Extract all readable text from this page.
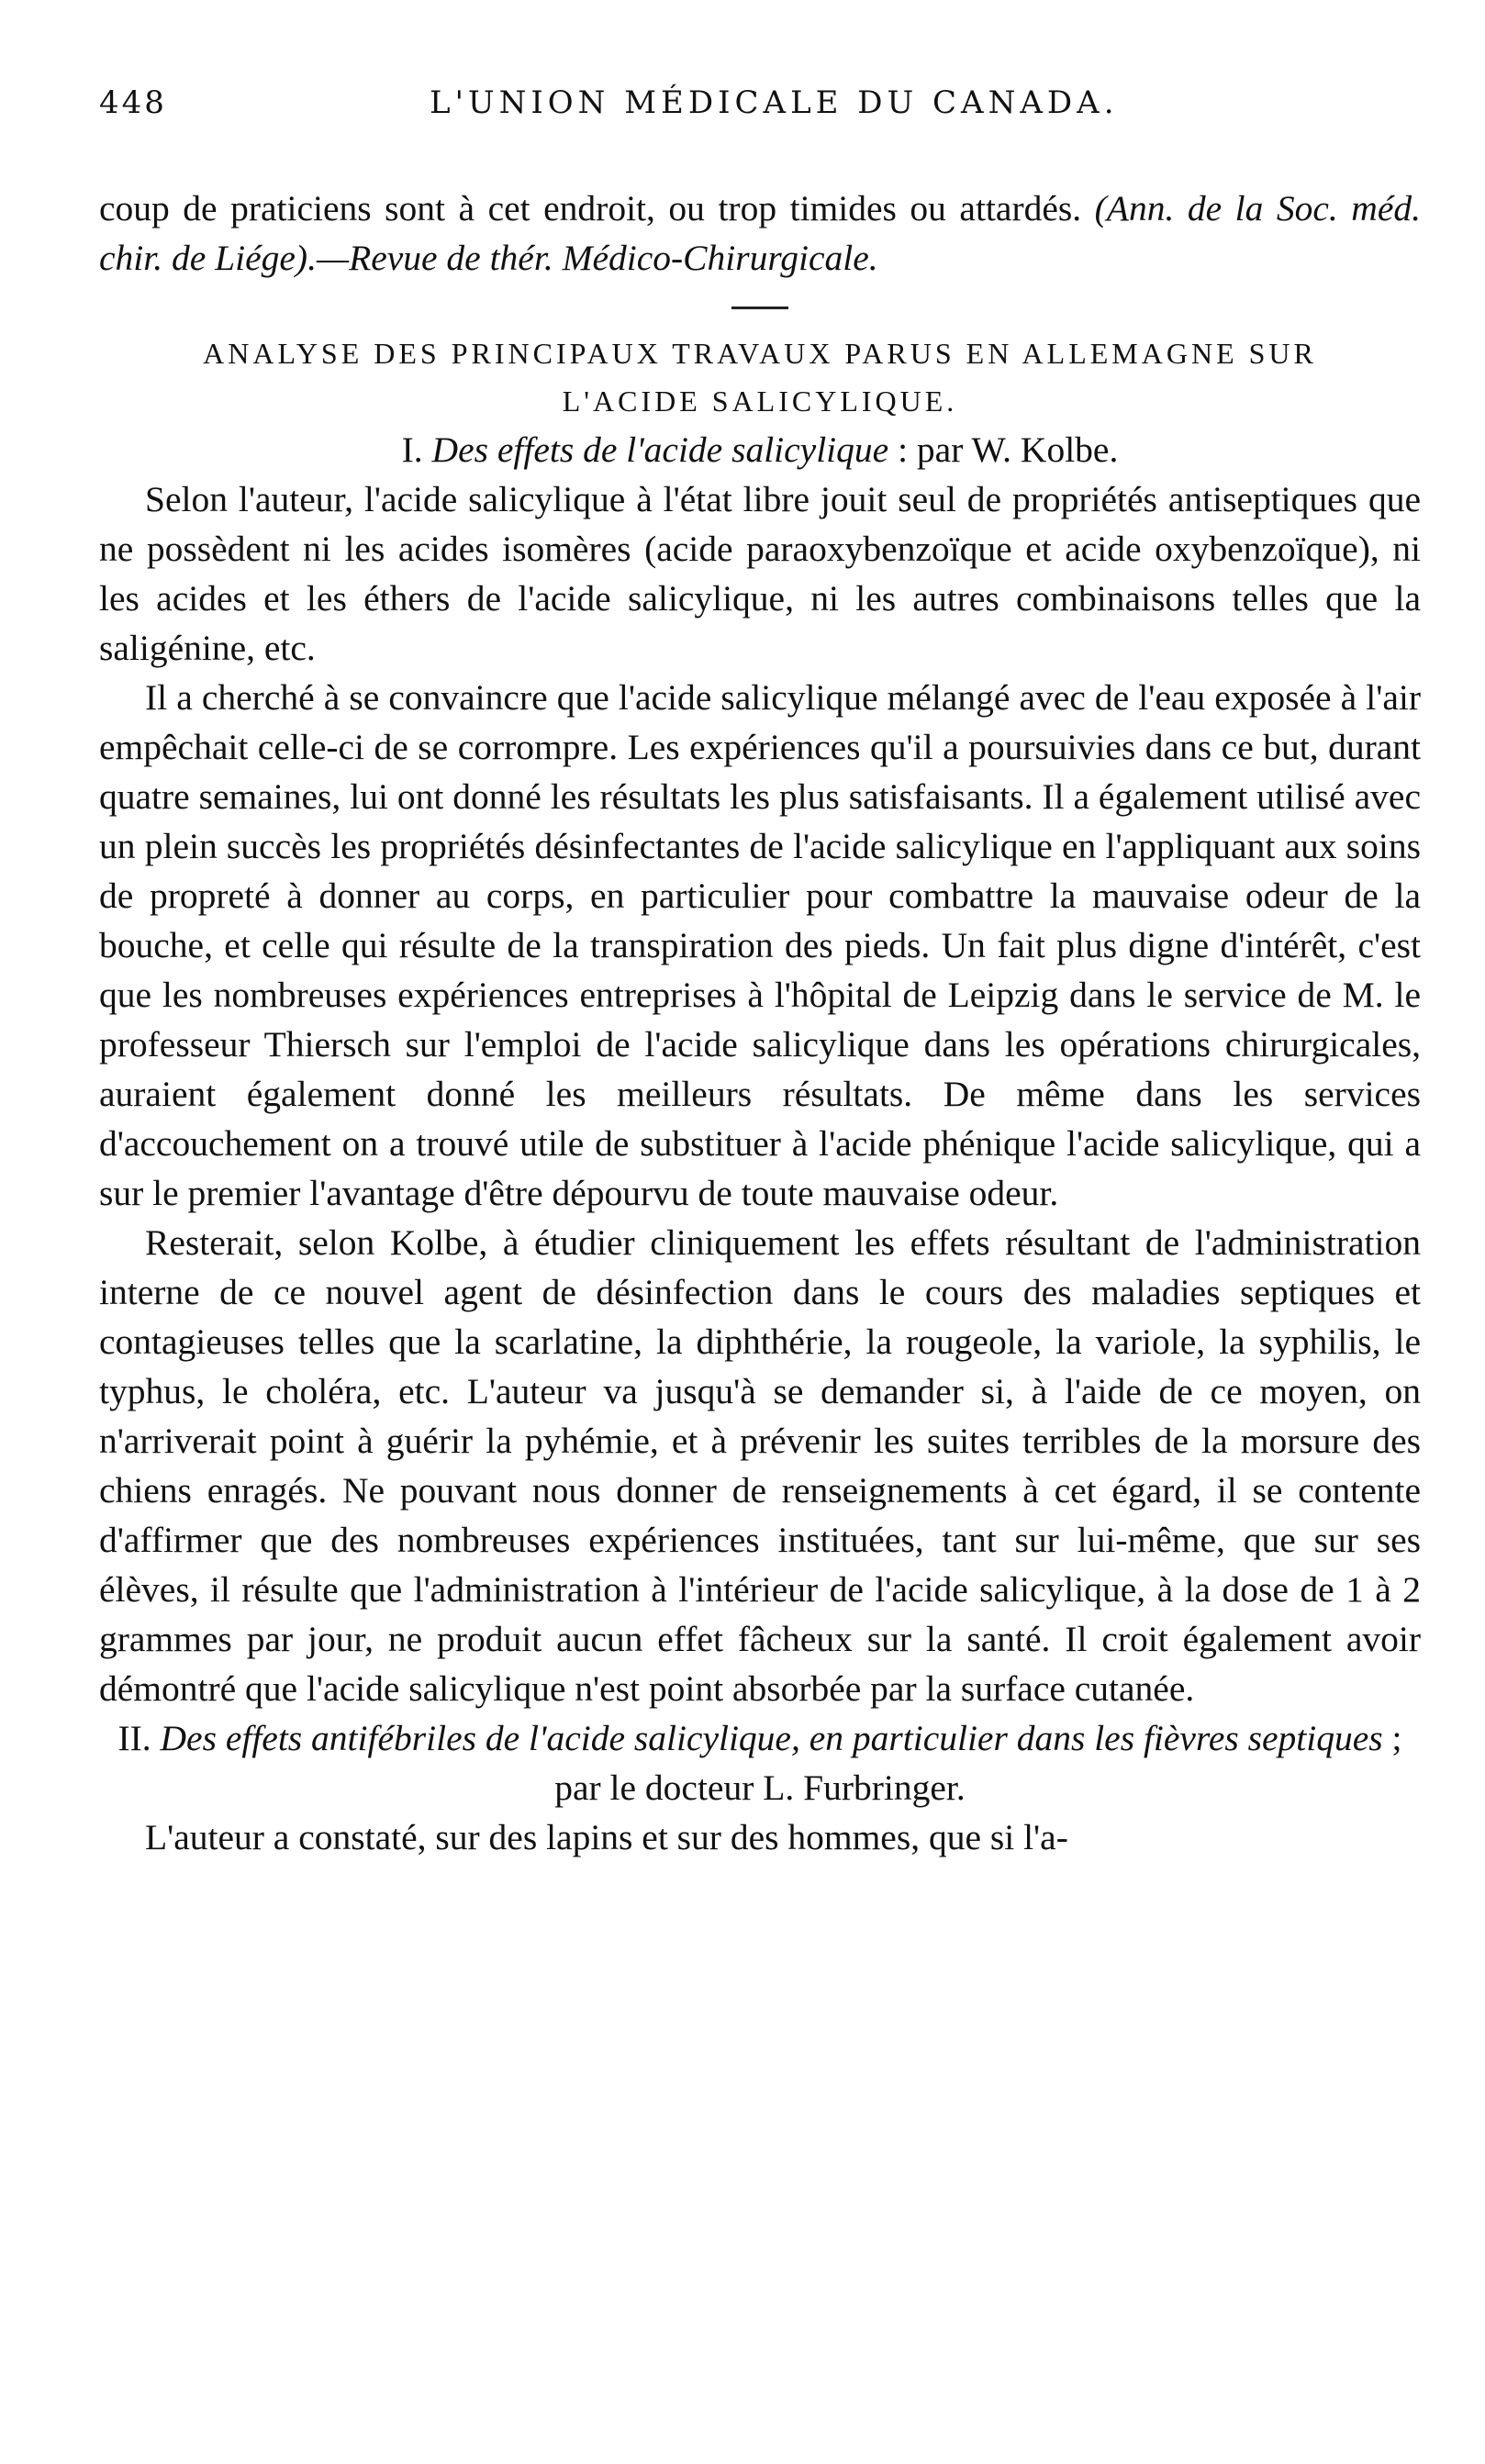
448	L'UNION MÉDICALE DU CANADA.

coup de praticiens sont à cet endroit, ou trop timides ou attardés. (Ann. de la Soc. méd. chir. de Liége).—Revue de thér. Médico-Chirurgicale.

ANALYSE DES PRINCIPAUX TRAVAUX PARUS EN ALLEMAGNE SUR L'ACIDE SALICYLIQUE.

I. Des effets de l'acide salicylique : par W. Kolbe.

Selon l'auteur, l'acide salicylique à l'état libre jouit seul de propriétés antiseptiques que ne possèdent ni les acides isomères (acide paraoxybenzoïque et acide oxybenzoïque), ni les acides et les éthers de l'acide salicylique, ni les autres combinaisons telles que la saligénine, etc.

Il a cherché à se convaincre que l'acide salicylique mélangé avec de l'eau exposée à l'air empêchait celle-ci de se corrompre. Les expériences qu'il a poursuivies dans ce but, durant quatre semaines, lui ont donné les résultats les plus satisfaisants. Il a également utilisé avec un plein succès les propriétés désinfectantes de l'acide salicylique en l'appliquant aux soins de propreté à donner au corps, en particulier pour combattre la mauvaise odeur de la bouche, et celle qui résulte de la transpiration des pieds. Un fait plus digne d'intérêt, c'est que les nombreuses expériences entreprises à l'hôpital de Leipzig dans le service de M. le professeur Thiersch sur l'emploi de l'acide salicylique dans les opérations chirurgicales, auraient également donné les meilleurs résultats. De même dans les services d'accouchement on a trouvé utile de substituer à l'acide phénique l'acide salicylique, qui a sur le premier l'avantage d'être dépourvu de toute mauvaise odeur.

Resterait, selon Kolbe, à étudier cliniquement les effets résultant de l'administration interne de ce nouvel agent de désinfection dans le cours des maladies septiques et contagieuses telles que la scarlatine, la diphthérie, la rougeole, la variole, la syphilis, le typhus, le choléra, etc. L'auteur va jusqu'à se demander si, à l'aide de ce moyen, on n'arriverait point à guérir la pyhémie, et à prévenir les suites terribles de la morsure des chiens enragés. Ne pouvant nous donner de renseignements à cet égard, il se contente d'affirmer que des nombreuses expériences instituées, tant sur lui-même, que sur ses élèves, il résulte que l'administration à l'intérieur de l'acide salicylique, à la dose de 1 à 2 grammes par jour, ne produit aucun effet fâcheux sur la santé. Il croit également avoir démontré que l'acide salicylique n'est point absorbée par la surface cutanée.

II. Des effets antifébriles de l'acide salicylique, en particulier dans les fièvres septiques ; par le docteur L. Furbringer.

L'auteur a constaté, sur des lapins et sur des hommes, que si l'a-
